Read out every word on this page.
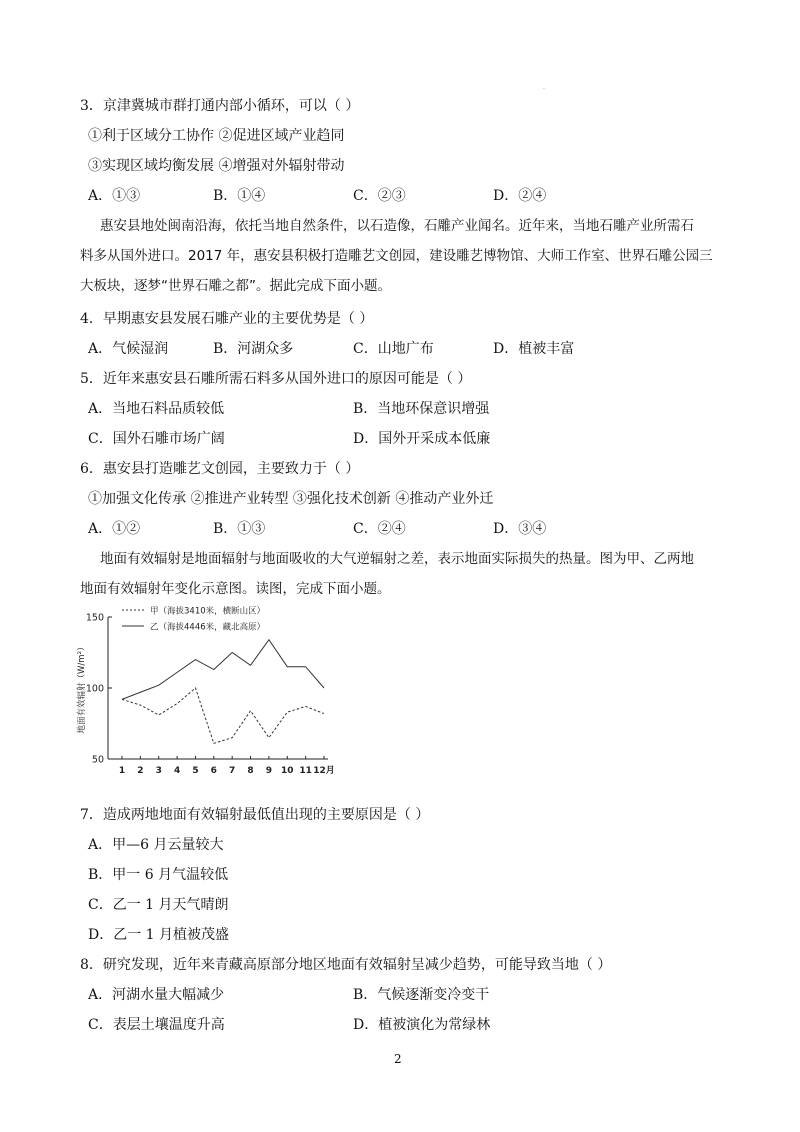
.
3．京津冀城市群打通内部小循环，可以（ ）
①利于区域分工协作 ②促进区域产业趋同
③实现区域均衡发展 ④增强对外辐射带动
A．①③	B．①④	C．②③	D．②④
惠安县地处闽南沿海，依托当地自然条件，以石造像，石雕产业闻名。近年来，当地石雕产业所需石
料多从国外进口。2017 年，惠安县积极打造雕艺文创园，建设雕艺博物馆、大师工作室、世界石雕公园三
大板块，逐梦“世界石雕之都”。据此完成下面小题。
4．早期惠安县发展石雕产业的主要优势是（ ）
A．气候湿润	B．河湖众多	C．山地广布	D．植被丰富
5．近年来惠安县石雕所需石料多从国外进口的原因可能是（ ）
A．当地石料品质较低	B．当地环保意识增强
C．国外石雕市场广阔	D．国外开采成本低廉
6．惠安县打造雕艺文创园，主要致力于（ ）
①加强文化传承 ②推进产业转型 ③强化技术创新 ④推动产业外迁
A．①②	B．①③	C．②④	D．③④
地面有效辐射是地面辐射与地面吸收的大气逆辐射之差，表示地面实际损失的热量。图为甲、乙两地
地面有效辐射年变化示意图。读图，完成下面小题。
地面有效辐射（W/m²）
甲（海拔3410米，横断山区）
乙（海拔4446米，藏北高原）
50
100
150
1 2 3 4 5 6 7 8 9 10 11 12月
7．造成两地地面有效辐射最低值出现的主要原因是（ ）
A．甲—6 月云量较大
B．甲一 6 月气温较低
C．乙一 1 月天气晴朗
D．乙一 1 月植被茂盛
8．研究发现，近年来青藏高原部分地区地面有效辐射呈减少趋势，可能导致当地（ ）
A．河湖水量大幅减少	B．气候逐渐变冷变干
C．表层土壤温度升高	D．植被演化为常绿林
2
